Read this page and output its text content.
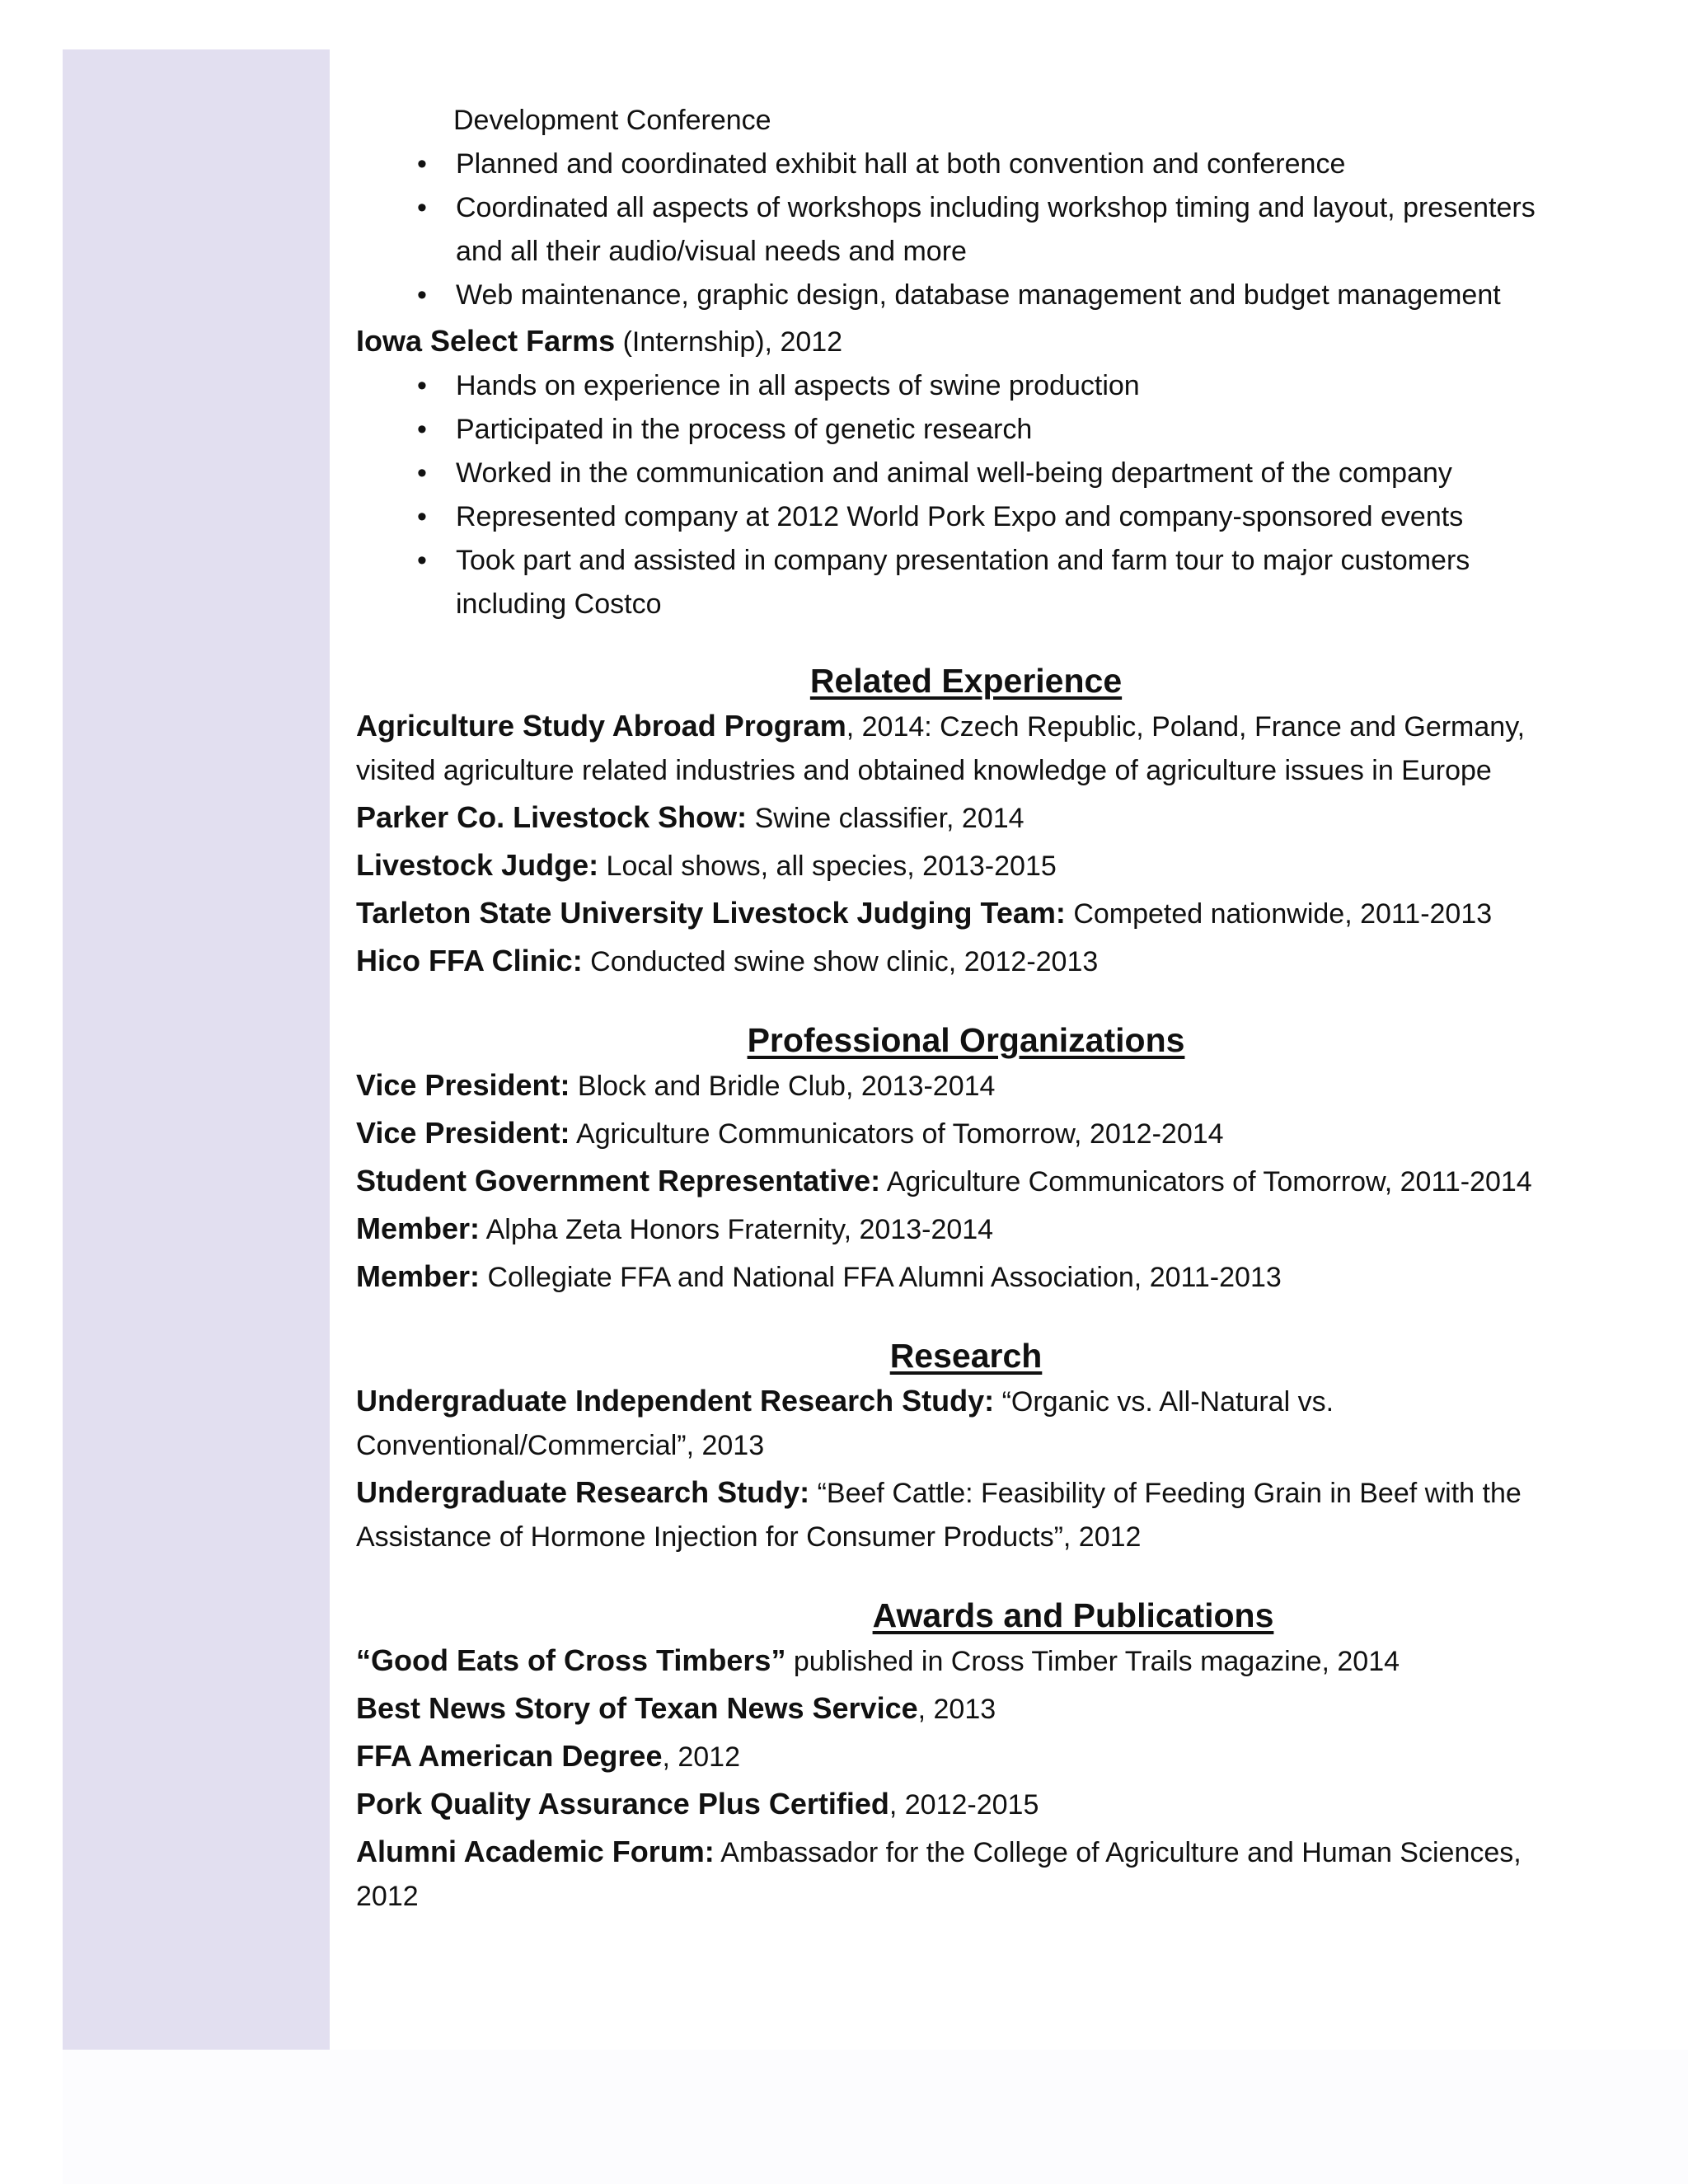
Development Conference
•	Planned and coordinated exhibit hall at both convention and conference
•	Coordinated all aspects of workshops including workshop timing and layout, presenters and all their audio/visual needs and more
•	Web maintenance, graphic design, database management and budget management
Iowa Select Farms (Internship), 2012
•	Hands on experience in all aspects of swine production
•	Participated in the process of genetic research
•	Worked in the communication and animal well-being department of the company
•	Represented company at 2012 World Pork Expo and company-sponsored events
•	Took part and assisted in company presentation and farm tour to major customers including Costco
Related Experience

Agriculture Study Abroad Program, 2014: Czech Republic, Poland, France and Germany, visited agriculture related industries and obtained knowledge of agriculture issues in Europe

Parker Co. Livestock Show: Swine classifier, 2014

Livestock Judge: Local shows, all species, 2013-2015

Tarleton State University Livestock Judging Team: Competed nationwide, 2011-2013

Hico FFA Clinic: Conducted swine show clinic, 2012-2013

Professional Organizations

Vice President: Block and Bridle Club, 2013-2014

Vice President: Agriculture Communicators of Tomorrow, 2012-2014

Student Government Representative: Agriculture Communicators of Tomorrow, 2011-2014

Member: Alpha Zeta Honors Fraternity, 2013-2014

Member: Collegiate FFA and National FFA Alumni Association, 2011-2013

Research

Undergraduate Independent Research Study: “Organic vs. All-Natural vs. Conventional/Commercial”, 2013

Undergraduate Research Study: “Beef Cattle: Feasibility of Feeding Grain in Beef with the Assistance of Hormone Injection for Consumer Products”, 2012

Awards and Publications

“Good Eats of Cross Timbers” published in Cross Timber Trails magazine, 2014

Best News Story of Texan News Service, 2013

FFA American Degree, 2012

Pork Quality Assurance Plus Certified, 2012-2015

Alumni Academic Forum: Ambassador for the College of Agriculture and Human Sciences, 2012
